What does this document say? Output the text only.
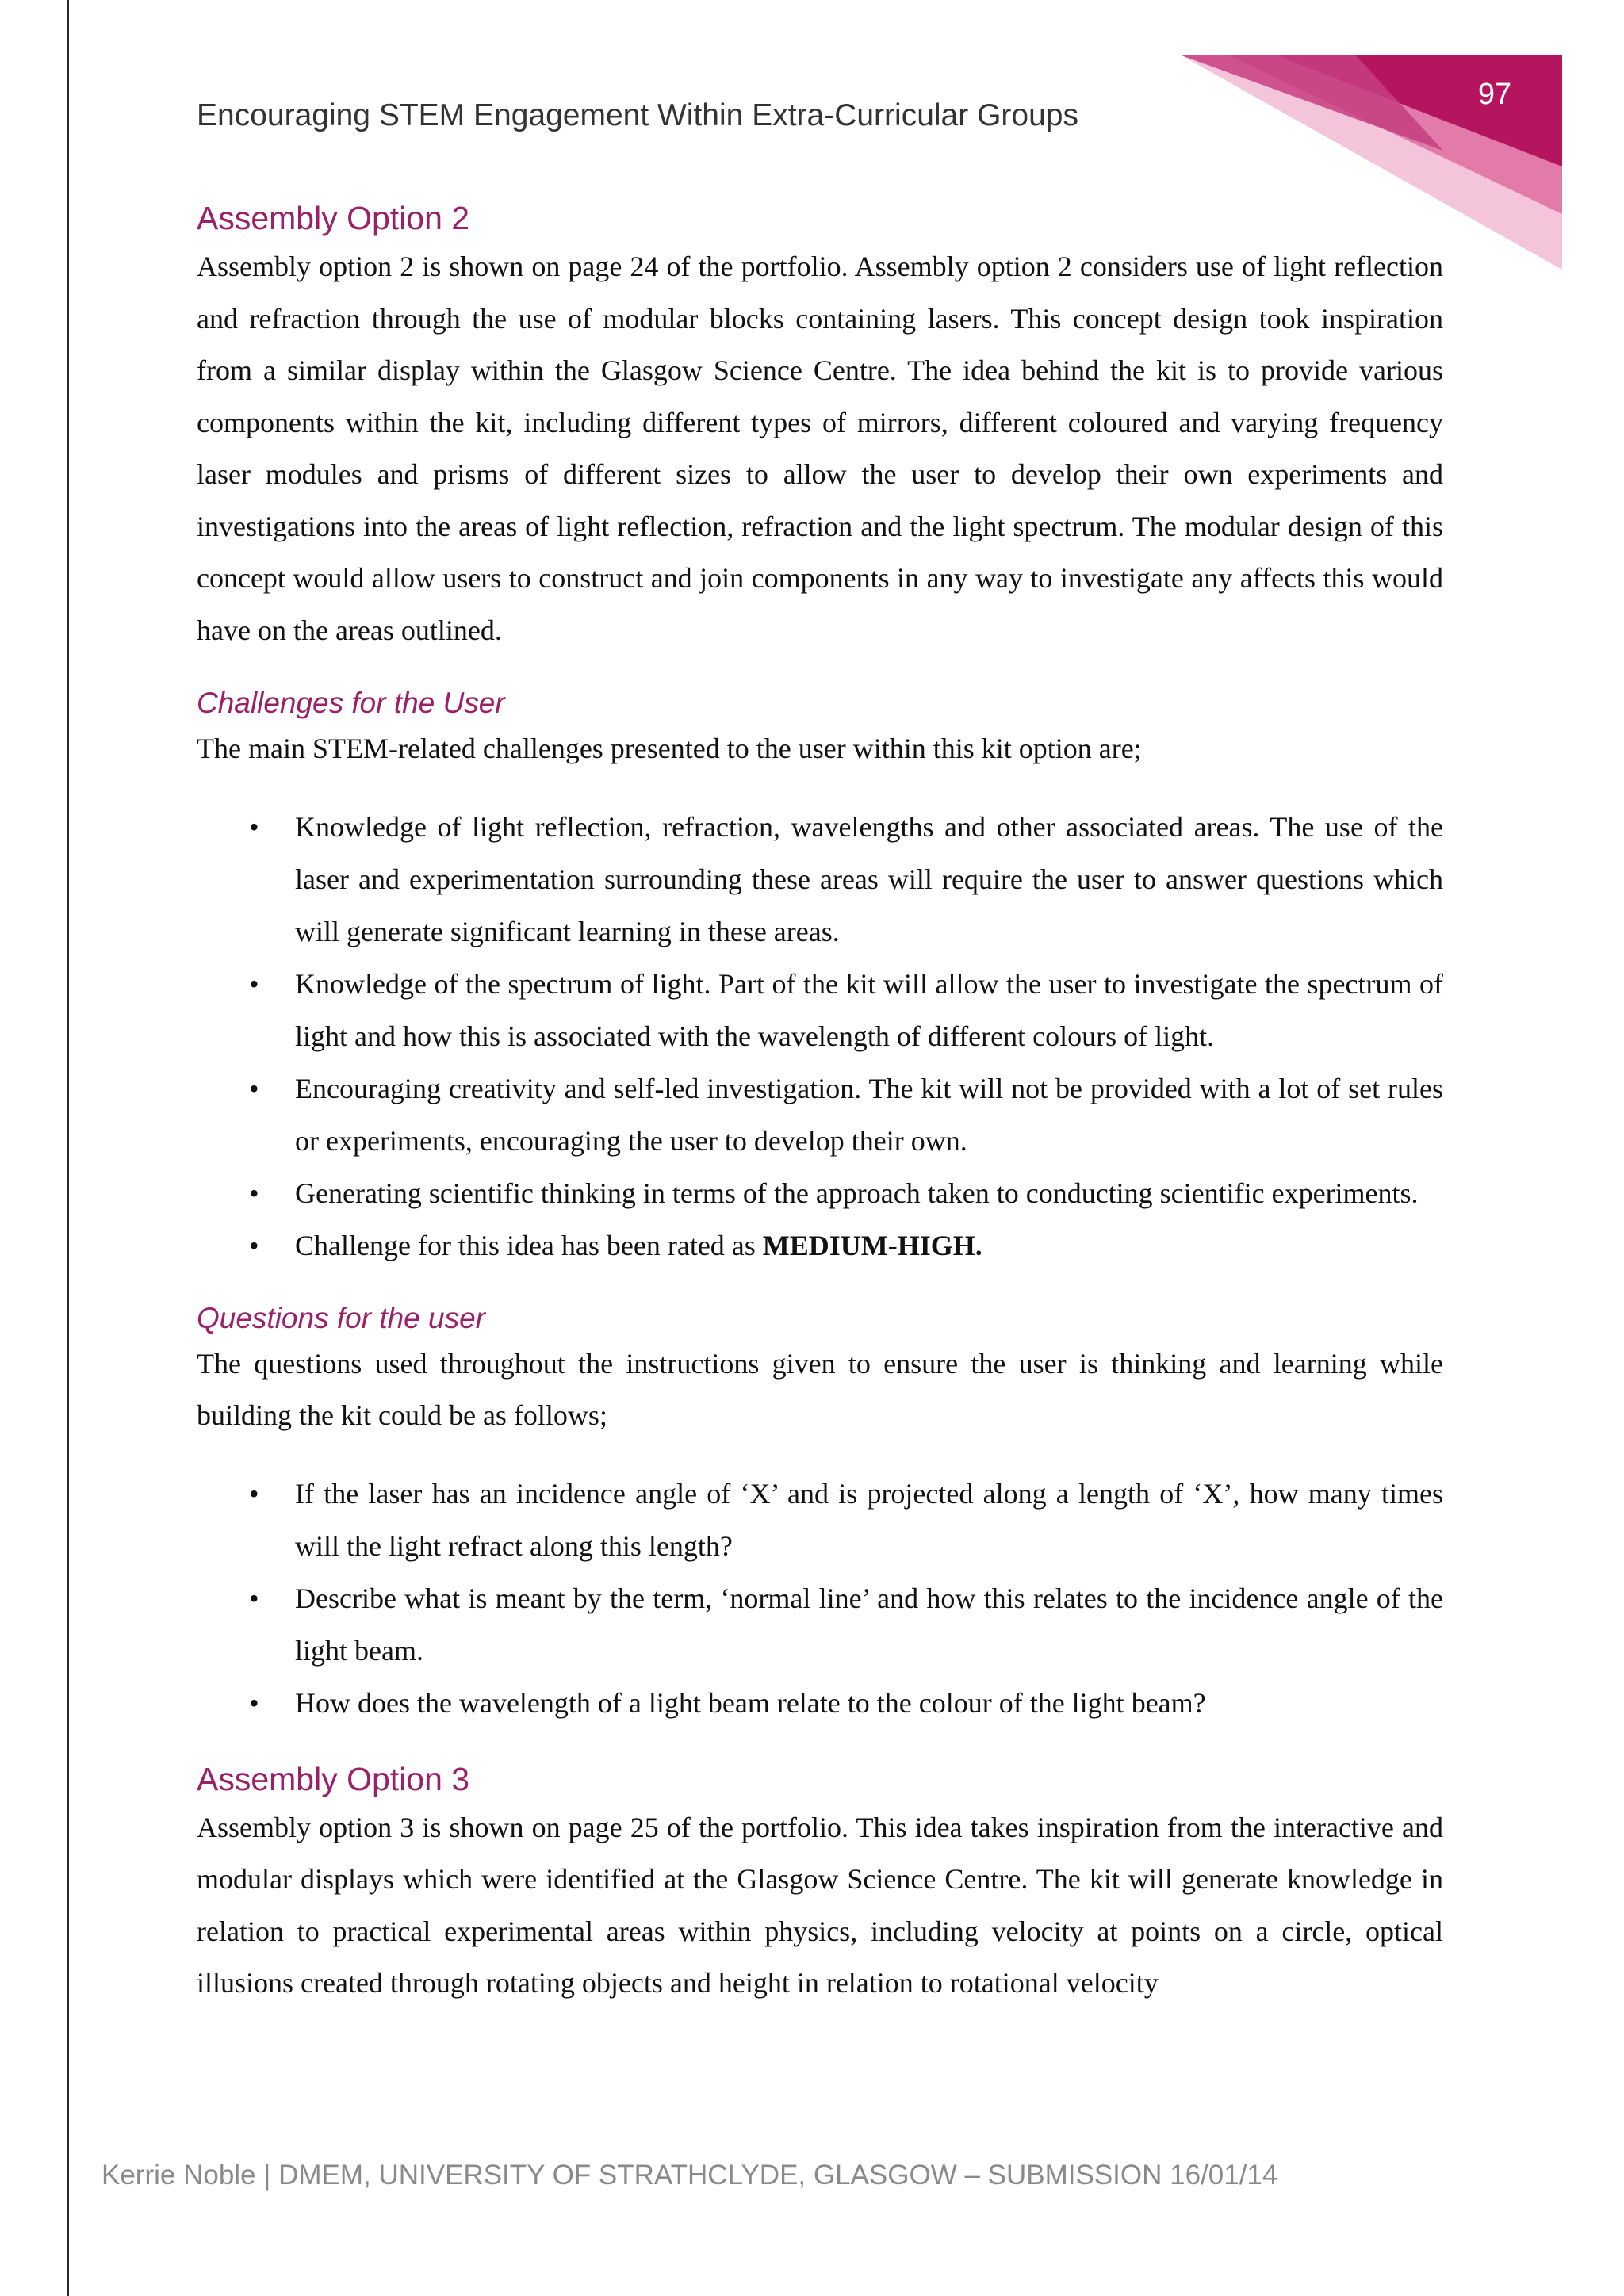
97
Encouraging STEM Engagement Within Extra-Curricular Groups
Assembly Option 2

Assembly option 2 is shown on page 24 of the portfolio. Assembly option 2 considers use of light reflection and refraction through the use of modular blocks containing lasers. This concept design took inspiration from a similar display within the Glasgow Science Centre. The idea behind the kit is to provide various components within the kit, including different types of mirrors, different coloured and varying frequency laser modules and prisms of different sizes to allow the user to develop their own experiments and investigations into the areas of light reflection, refraction and the light spectrum. The modular design of this concept would allow users to construct and join components in any way to investigate any affects this would have on the areas outlined.

Challenges for the User

The main STEM-related challenges presented to the user within this kit option are;

• Knowledge of light reflection, refraction, wavelengths and other associated areas. The use of the laser and experimentation surrounding these areas will require the user to answer questions which will generate significant learning in these areas.
• Knowledge of the spectrum of light. Part of the kit will allow the user to investigate the spectrum of light and how this is associated with the wavelength of different colours of light.
• Encouraging creativity and self-led investigation. The kit will not be provided with a lot of set rules or experiments, encouraging the user to develop their own.
• Generating scientific thinking in terms of the approach taken to conducting scientific experiments.
• Challenge for this idea has been rated as MEDIUM-HIGH.
Questions for the user

The questions used throughout the instructions given to ensure the user is thinking and learning while building the kit could be as follows;

• If the laser has an incidence angle of ‘X’ and is projected along a length of ‘X’, how many times will the light refract along this length?
• Describe what is meant by the term, ‘normal line’ and how this relates to the incidence angle of the light beam.
• How does the wavelength of a light beam relate to the colour of the light beam?
Assembly Option 3

Assembly option 3 is shown on page 25 of the portfolio. This idea takes inspiration from the interactive and modular displays which were identified at the Glasgow Science Centre. The kit will generate knowledge in relation to practical experimental areas within physics, including velocity at points on a circle, optical illusions created through rotating objects and height in relation to rotational velocity

Kerrie Noble | DMEM, UNIVERSITY OF STRATHCLYDE, GLASGOW – SUBMISSION 16/01/14
